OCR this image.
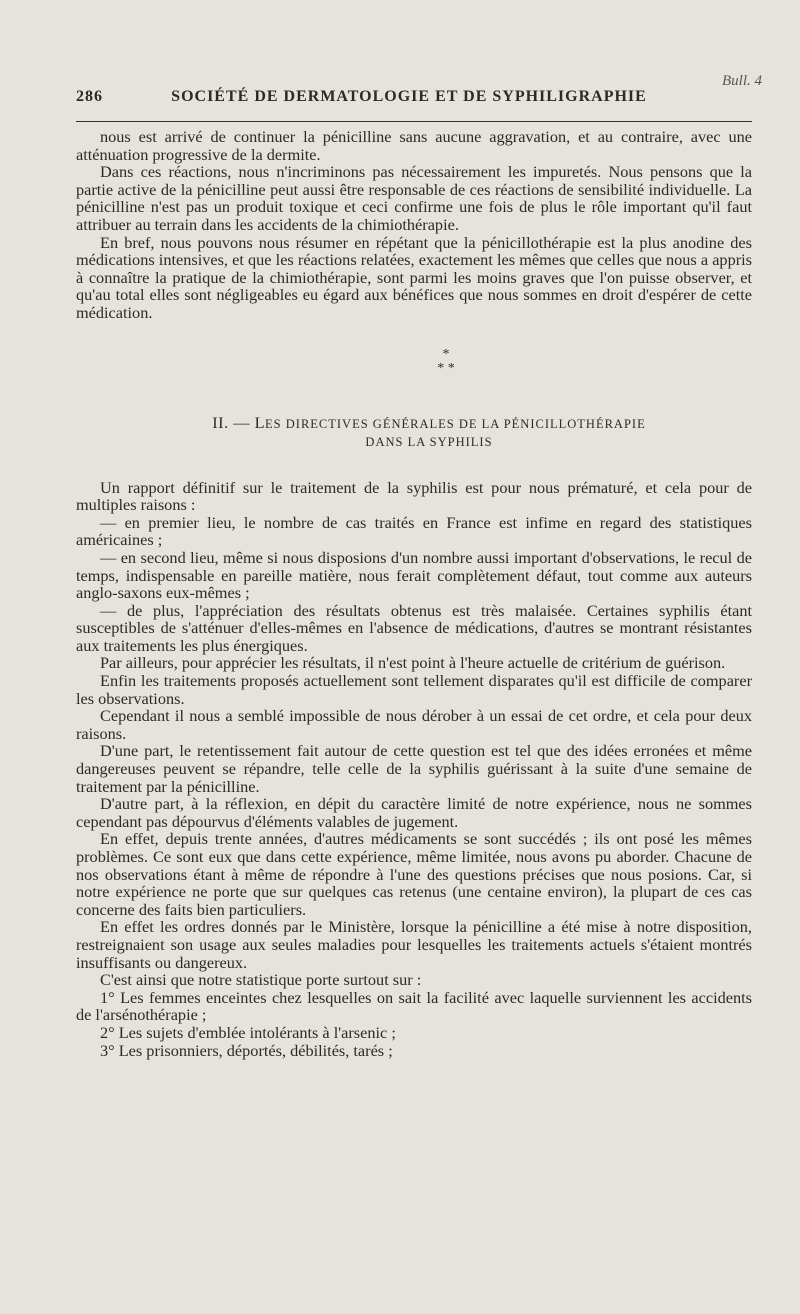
Bull. 4
286	SOCIÉTÉ DE DERMATOLOGIE ET DE SYPHILIGRAPHIE

nous est arrivé de continuer la pénicilline sans aucune aggravation, et au contraire, avec une atténuation progressive de la dermite.

Dans ces réactions, nous n'incriminons pas nécessairement les impuretés. Nous pensons que la partie active de la pénicilline peut aussi être responsable de ces réactions de sensibilité individuelle. La pénicilline n'est pas un produit toxique et ceci confirme une fois de plus le rôle important qu'il faut attribuer au terrain dans les accidents de la chimiothérapie.

En bref, nous pouvons nous résumer en répétant que la pénicillothérapie est la plus anodine des médications intensives, et que les réactions relatées, exactement les mêmes que celles que nous a appris à connaître la pratique de la chimiothérapie, sont parmi les moins graves que l'on puisse observer, et qu'au total elles sont négligeables eu égard aux bénéfices que nous sommes en droit d'espérer de cette médication.

*
* *
II. — LES DIRECTIVES GÉNÉRALES DE LA PÉNICILLOTHÉRAPIE
DANS LA SYPHILIS

Un rapport définitif sur le traitement de la syphilis est pour nous prématuré, et cela pour de multiples raisons :

— en premier lieu, le nombre de cas traités en France est infime en regard des statistiques américaines ;

— en second lieu, même si nous disposions d'un nombre aussi important d'observations, le recul de temps, indispensable en pareille matière, nous ferait complètement défaut, tout comme aux auteurs anglo-saxons eux-mêmes ;

— de plus, l'appréciation des résultats obtenus est très malaisée. Certaines syphilis étant susceptibles de s'atténuer d'elles-mêmes en l'absence de médications, d'autres se montrant résistantes aux traitements les plus énergiques.

Par ailleurs, pour apprécier les résultats, il n'est point à l'heure actuelle de critérium de guérison.

Enfin les traitements proposés actuellement sont tellement disparates qu'il est difficile de comparer les observations.

Cependant il nous a semblé impossible de nous dérober à un essai de cet ordre, et cela pour deux raisons.

D'une part, le retentissement fait autour de cette question est tel que des idées erronées et même dangereuses peuvent se répandre, telle celle de la syphilis guérissant à la suite d'une semaine de traitement par la pénicilline.

D'autre part, à la réflexion, en dépit du caractère limité de notre expérience, nous ne sommes cependant pas dépourvus d'éléments valables de jugement.

En effet, depuis trente années, d'autres médicaments se sont succédés ; ils ont posé les mêmes problèmes. Ce sont eux que dans cette expérience, même limitée, nous avons pu aborder. Chacune de nos observations étant à même de répondre à l'une des questions précises que nous posions. Car, si notre expérience ne porte que sur quelques cas retenus (une centaine environ), la plupart de ces cas concerne des faits bien particuliers.

En effet les ordres donnés par le Ministère, lorsque la pénicilline a été mise à notre disposition, restreignaient son usage aux seules maladies pour lesquelles les traitements actuels s'étaient montrés insuffisants ou dangereux.

C'est ainsi que notre statistique porte surtout sur :

1° Les femmes enceintes chez lesquelles on sait la facilité avec laquelle surviennent les accidents de l'arsénothérapie ;

2° Les sujets d'emblée intolérants à l'arsenic ;

3° Les prisonniers, déportés, débilités, tarés ;
